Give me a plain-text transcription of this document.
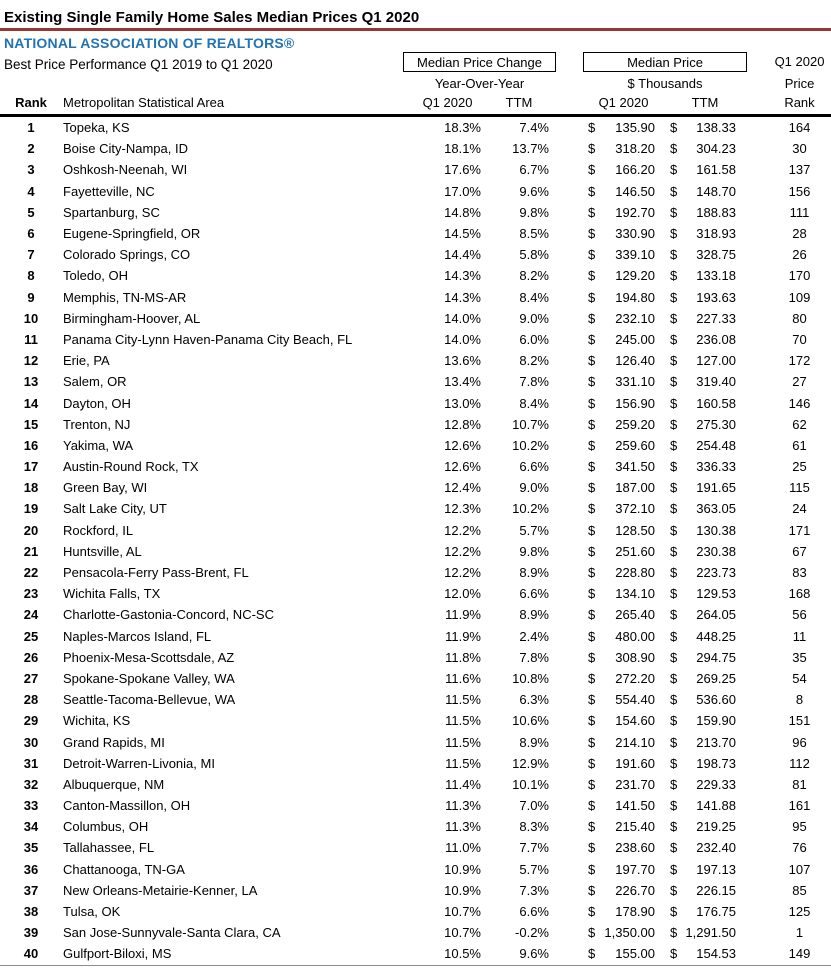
Existing Single Family Home Sales Median Prices Q1 2020
NATIONAL ASSOCIATION OF REALTORS®
Best Price Performance Q1 2019 to Q1 2020	Median Price Change	Median Price	Q1 2020
Year-Over-Year	$ Thousands	Price
Rank	Metropolitan Statistical Area	Q1 2020	TTM	Q1 2020	TTM	Rank
1	Topeka, KS	18.3%	7.4%	$ 135.90 $ 138.33	164
2	Boise City-Nampa, ID	18.1%	13.7%	$ 318.20 $ 304.23	30
3	Oshkosh-Neenah, WI	17.6%	6.7%	$ 166.20 $ 161.58	137
4	Fayetteville, NC	17.0%	9.6%	$ 146.50 $ 148.70	156
5	Spartanburg, SC	14.8%	9.8%	$ 192.70 $ 188.83	111
6	Eugene-Springfield, OR	14.5%	8.5%	$ 330.90 $ 318.93	28
7	Colorado Springs, CO	14.4%	5.8%	$ 339.10 $ 328.75	26
8	Toledo, OH	14.3%	8.2%	$ 129.20 $ 133.18	170
9	Memphis, TN-MS-AR	14.3%	8.4%	$ 194.80 $ 193.63	109
10	Birmingham-Hoover, AL	14.0%	9.0%	$ 232.10 $ 227.33	80
11	Panama City-Lynn Haven-Panama City Beach, FL	14.0%	6.0%	$ 245.00 $ 236.08	70
12	Erie, PA	13.6%	8.2%	$ 126.40 $ 127.00	172
13	Salem, OR	13.4%	7.8%	$ 331.10 $ 319.40	27
14	Dayton, OH	13.0%	8.4%	$ 156.90 $ 160.58	146
15	Trenton, NJ	12.8%	10.7%	$ 259.20 $ 275.30	62
16	Yakima, WA	12.6%	10.2%	$ 259.60 $ 254.48	61
17	Austin-Round Rock, TX	12.6%	6.6%	$ 341.50 $ 336.33	25
18	Green Bay, WI	12.4%	9.0%	$ 187.00 $ 191.65	115
19	Salt Lake City, UT	12.3%	10.2%	$ 372.10 $ 363.05	24
20	Rockford, IL	12.2%	5.7%	$ 128.50 $ 130.38	171
21	Huntsville, AL	12.2%	9.8%	$ 251.60 $ 230.38	67
22	Pensacola-Ferry Pass-Brent, FL	12.2%	8.9%	$ 228.80 $ 223.73	83
23	Wichita Falls, TX	12.0%	6.6%	$ 134.10 $ 129.53	168
24	Charlotte-Gastonia-Concord, NC-SC	11.9%	8.9%	$ 265.40 $ 264.05	56
25	Naples-Marcos Island, FL	11.9%	2.4%	$ 480.00 $ 448.25	11
26	Phoenix-Mesa-Scottsdale, AZ	11.8%	7.8%	$ 308.90 $ 294.75	35
27	Spokane-Spokane Valley, WA	11.6%	10.8%	$ 272.20 $ 269.25	54
28	Seattle-Tacoma-Bellevue, WA	11.5%	6.3%	$ 554.40 $ 536.60	8
29	Wichita, KS	11.5%	10.6%	$ 154.60 $ 159.90	151
30	Grand Rapids, MI	11.5%	8.9%	$ 214.10 $ 213.70	96
31	Detroit-Warren-Livonia, MI	11.5%	12.9%	$ 191.60 $ 198.73	112
32	Albuquerque, NM	11.4%	10.1%	$ 231.70 $ 229.33	81
33	Canton-Massillon, OH	11.3%	7.0%	$ 141.50 $ 141.88	161
34	Columbus, OH	11.3%	8.3%	$ 215.40 $ 219.25	95
35	Tallahassee, FL	11.0%	7.7%	$ 238.60 $ 232.40	76
36	Chattanooga, TN-GA	10.9%	5.7%	$ 197.70 $ 197.13	107
37	New Orleans-Metairie-Kenner, LA	10.9%	7.3%	$ 226.70 $ 226.15	85
38	Tulsa, OK	10.7%	6.6%	$ 178.90 $ 176.75	125
39	San Jose-Sunnyvale-Santa Clara, CA	10.7%	-0.2%	$ 1,350.00 $ 1,291.50	1
40	Gulfport-Biloxi, MS	10.5%	9.6%	$ 155.00 $ 154.53	149
